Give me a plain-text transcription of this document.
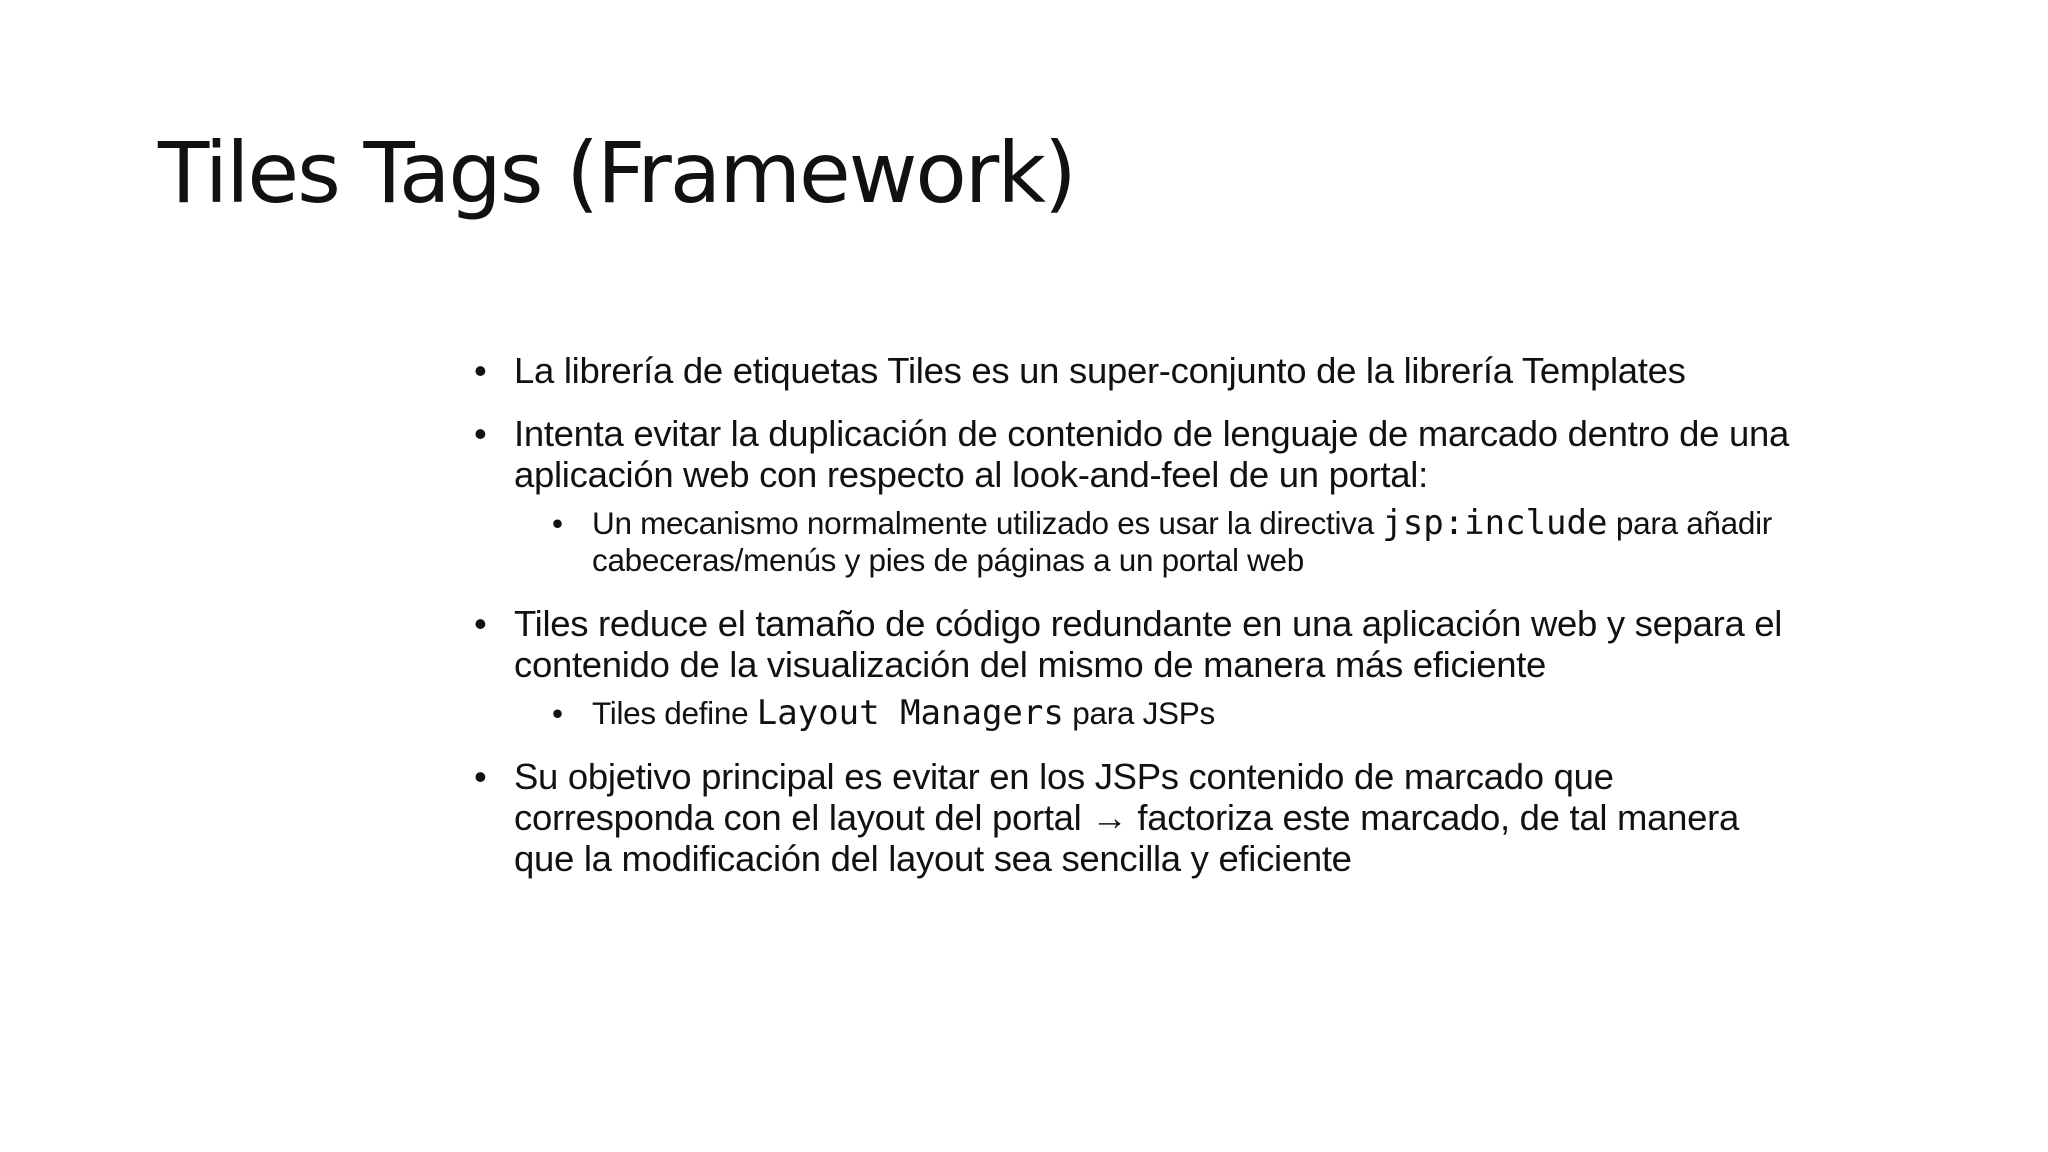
Tiles Tags (Framework)
• La librería de etiquetas Tiles es un super-conjunto de la librería Templates
• Intenta evitar la duplicación de contenido de lenguaje de marcado dentro de una aplicación web con respecto al look-and-feel de un portal:
• Un mecanismo normalmente utilizado es usar la directiva jsp:include para añadir cabeceras/menús y pies de páginas a un portal web
• Tiles reduce el tamaño de código redundante en una aplicación web y separa el contenido de la visualización del mismo de manera más eficiente
• Tiles define Layout Managers para JSPs
• Su objetivo principal es evitar en los JSPs contenido de marcado que corresponda con el layout del portal → factoriza este marcado, de tal manera que la modificación del layout sea sencilla y eficiente
